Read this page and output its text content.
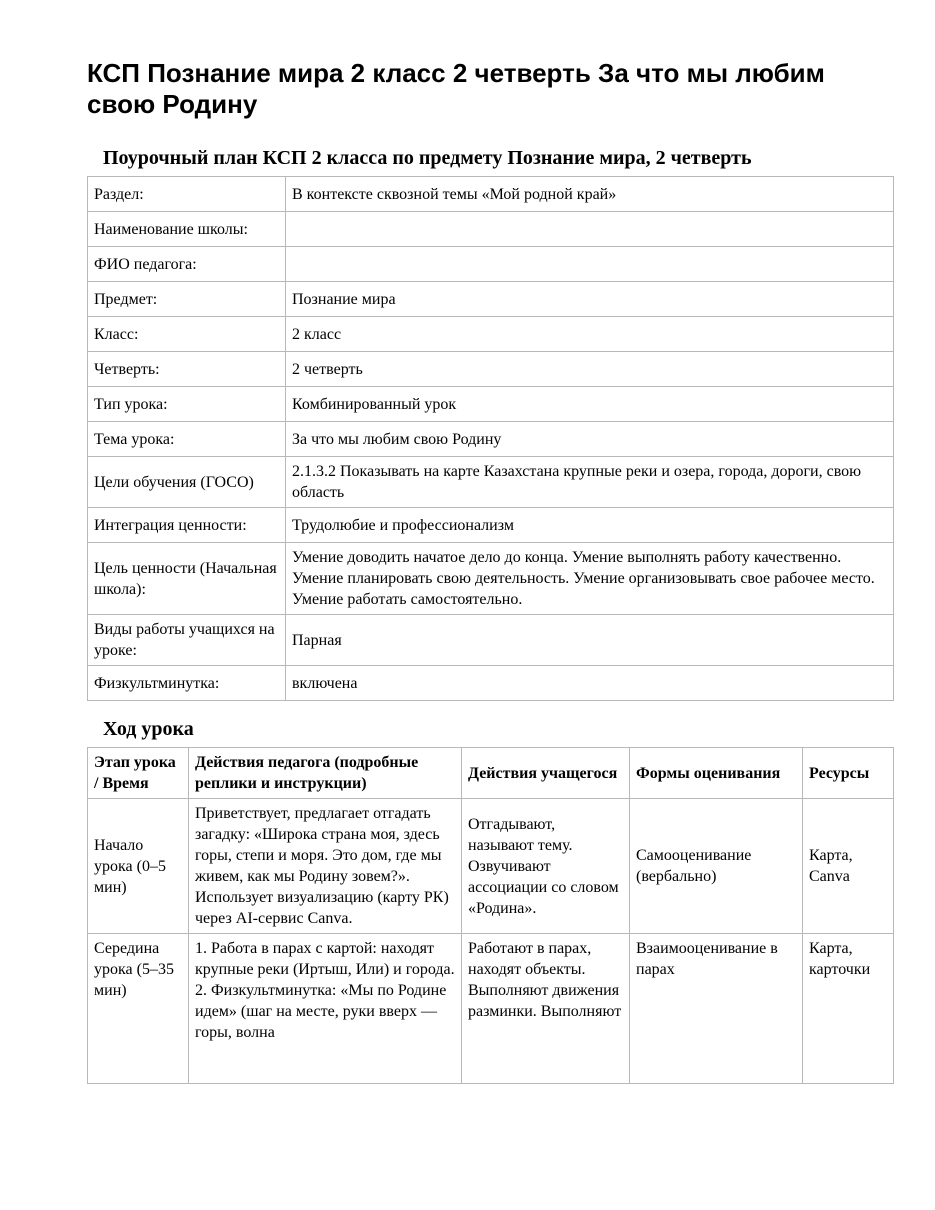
КСП Познание мира 2 класс 2 четверть За что мы любим свою Родину
Поурочный план КСП 2 класса по предмету Познание мира, 2 четверть
Раздел:	В контексте сквозной темы «Мой родной край»
Наименование школы:	
ФИО педагога:	
Предмет:	Познание мира
Класс:	2 класс
Четверть:	2 четверть
Тип урока:	Комбинированный урок
Тема урока:	За что мы любим свою Родину
Цели обучения (ГОСО)	2.1.3.2 Показывать на карте Казахстана крупные реки и озера, города, дороги, свою область
Интеграция ценности:	Трудолюбие и профессионализм
Цель ценности (Начальная школа):	Умение доводить начатое дело до конца. Умение выполнять работу качественно. Умение планировать свою деятельность. Умение организовывать свое рабочее место. Умение работать самостоятельно.
Виды работы учащихся на уроке:	Парная
Физкультминутка:	включена
Ход урока
Этап урока / Время	Действия педагога (подробные реплики и инструкции)	Действия учащегося	Формы оценивания	Ресурсы
Начало урока (0–5 мин)	Приветствует, предлагает отгадать загадку: «Широка страна моя, здесь горы, степи и моря. Это дом, где мы живем, как мы Родину зовем?». Использует визуализацию (карту РК) через AI-сервис Canva.	Отгадывают, называют тему. Озвучивают ассоциации со словом «Родина».	Самооценивание (вербально)	Карта, Canva

Середина урока (5–35 мин)	1. Работа в парах с картой: находят крупные реки (Иртыш, Или) и города. 2. Физкультминутка: «Мы по Родине идем» (шаг на месте, руки вверх — горы, волна	Работают в парах, находят объекты. Выполняют движения разминки. Выполняют	Взаимооценивание в парах	Карта, карточки
